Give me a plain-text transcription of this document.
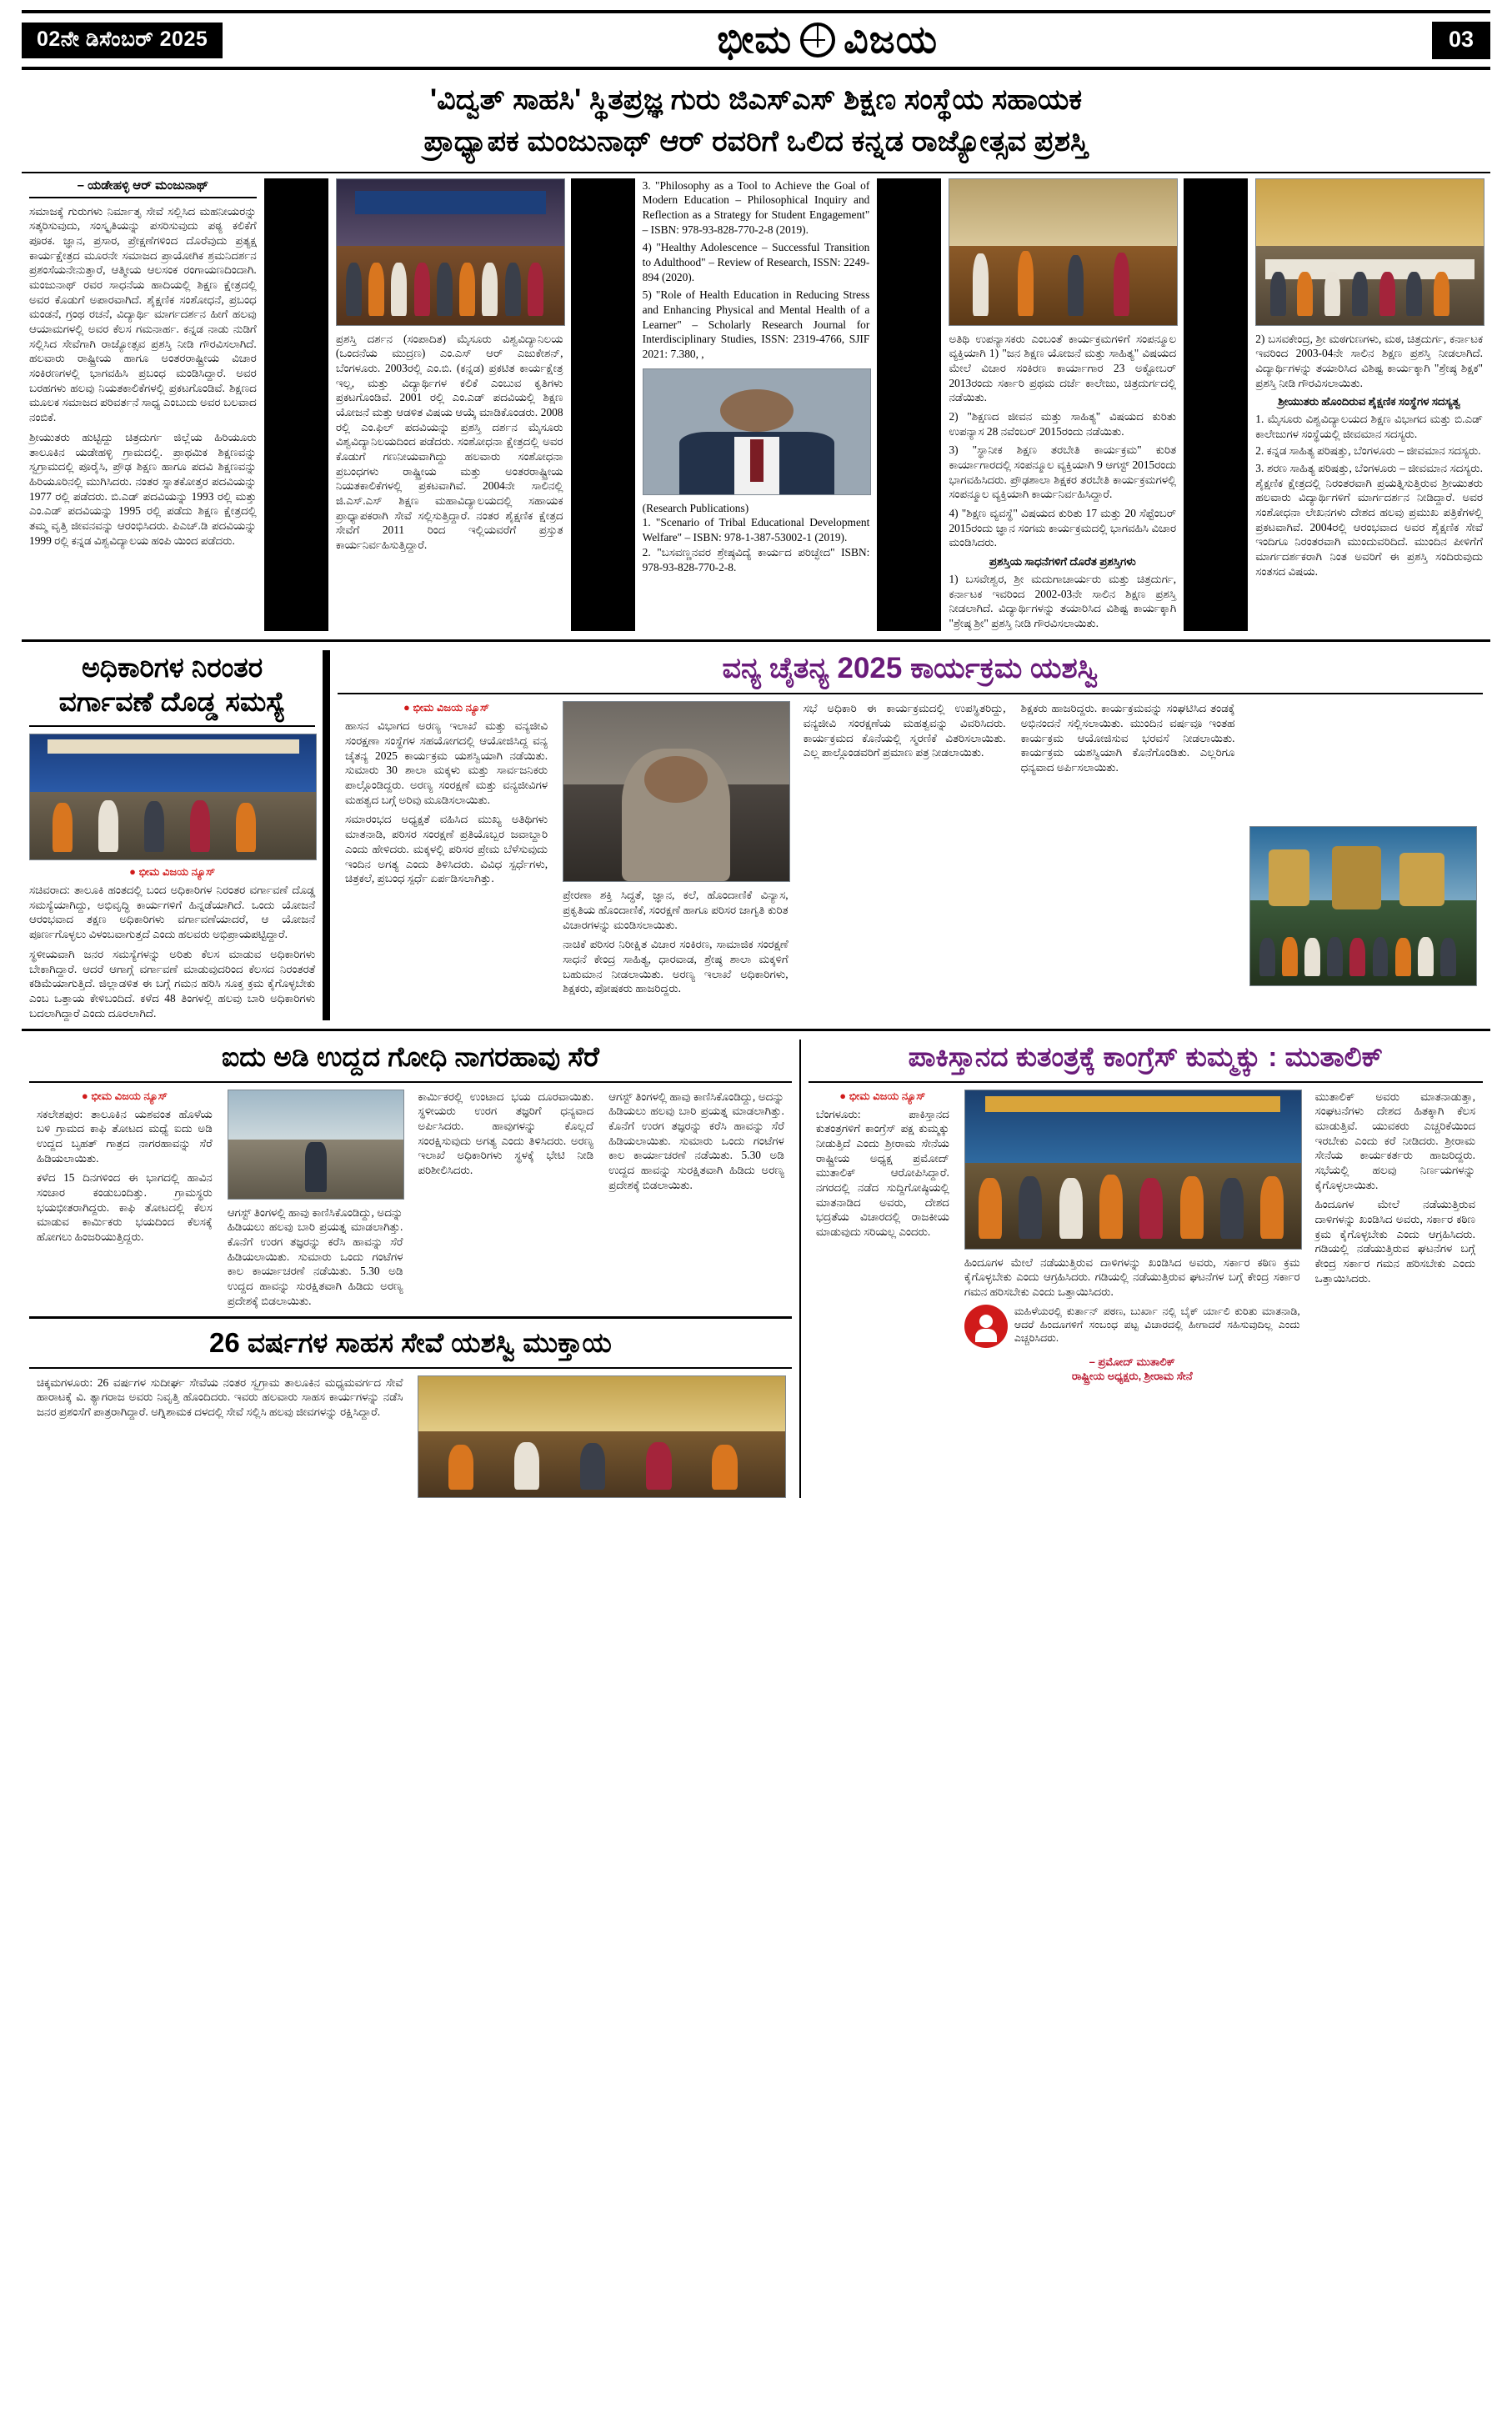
02ನೇ ಡಿಸೆಂಬರ್ 2025	ಭೀಮ ವಿಜಯ	03
'ವಿದ್ವತ್ ಸಾಹಸಿ' ಸ್ಥಿತಪ್ರಜ್ಞ ಗುರು ಜಿಎಸ್‌ಎಸ್ ಶಿಕ್ಷಣ ಸಂಸ್ಥೆಯ ಸಹಾಯಕ
ಪ್ರಾಧ್ಯಾಪಕ ಮಂಜುನಾಥ್ ಆರ್ ರವರಿಗೆ ಒಲಿದ ಕನ್ನಡ ರಾಜ್ಯೋತ್ಸವ ಪ್ರಶಸ್ತಿ
– ಯಡೇಹಳ್ಳಿ ಆರ್ ಮಂಜುನಾಥ್
ಸಮಾಜಕ್ಕೆ ಗುರುಗಳು ನಿರ್ಮಾತೃ ಸೇವೆ ಸಲ್ಲಿಸಿದ ಮಹನೀಯರನ್ನು ಸತ್ಕರಿಸುವುದು, ಸಂಸ್ಕೃತಿಯನ್ನು ಪಸರಿಸುವುದು ಪಠ್ಯ ಕಲಿಕೆಗೆ ಪೂರಕ. ಜ್ಞಾನ, ಪ್ರಸಾರ, ಪ್ರೇಕ್ಷಣೆಗಳಿಂದ ದೊರೆವುದು ಪ್ರತ್ಯಕ್ಷ ಕಾರ್ಯಕ್ಷೇತ್ರದ ಮೂರನೇ ಸಮಾಜದ ಪ್ರಾಯೋಗಿಕ ಶ್ರಮನಿದರ್ಶನ ಪ್ರಶಂಸೆಯನೇನುತ್ತಾರೆ, ಆತ್ಮೀಯ ಆಲಸಂಕ ರಂಗಾಯಣದಿಂದಾಗಿ. ಮಂಜುನಾಥ್ ರವರ ಸಾಧನೆಯ ಹಾದಿಯಲ್ಲಿ ಶಿಕ್ಷಣ ಕ್ಷೇತ್ರದಲ್ಲಿ ಅವರ ಕೊಡುಗೆ ಅಪಾರವಾಗಿದೆ. ಶೈಕ್ಷಣಿಕ ಸಂಶೋಧನೆ, ಪ್ರಬಂಧ ಮಂಡನೆ, ಗ್ರಂಥ ರಚನೆ, ವಿದ್ಯಾರ್ಥಿ ಮಾರ್ಗದರ್ಶನ ಹೀಗೆ ಹಲವು ಆಯಾಮಗಳಲ್ಲಿ ಅವರ ಕೆಲಸ ಗಮನಾರ್ಹ. ಕನ್ನಡ ನಾಡು ನುಡಿಗೆ ಸಲ್ಲಿಸಿದ ಸೇವೆಗಾಗಿ ರಾಜ್ಯೋತ್ಸವ ಪ್ರಶಸ್ತಿ ನೀಡಿ ಗೌರವಿಸಲಾಗಿದೆ. ಹಲವಾರು ರಾಷ್ಟ್ರೀಯ ಹಾಗೂ ಅಂತರರಾಷ್ಟ್ರೀಯ ವಿಚಾರ ಸಂಕಿರಣಗಳಲ್ಲಿ ಭಾಗವಹಿಸಿ ಪ್ರಬಂಧ ಮಂಡಿಸಿದ್ದಾರೆ. ಅವರ ಬರಹಗಳು ಹಲವು ನಿಯತಕಾಲಿಕೆಗಳಲ್ಲಿ ಪ್ರಕಟಗೊಂಡಿವೆ. ಶಿಕ್ಷಣದ ಮೂಲಕ ಸಮಾಜದ ಪರಿವರ್ತನೆ ಸಾಧ್ಯ ಎಂಬುದು ಅವರ ಬಲವಾದ ನಂಬಿಕೆ.
ಶ್ರೀಯುತರು ಹುಟ್ಟಿದ್ದು ಚಿತ್ರದುರ್ಗ ಜಿಲ್ಲೆಯ ಹಿರಿಯೂರು ತಾಲೂಕಿನ ಯಡೇಹಳ್ಳಿ ಗ್ರಾಮದಲ್ಲಿ. ಪ್ರಾಥಮಿಕ ಶಿಕ್ಷಣವನ್ನು ಸ್ವಗ್ರಾಮದಲ್ಲಿ ಪೂರೈಸಿ, ಪ್ರೌಢ ಶಿಕ್ಷಣ ಹಾಗೂ ಪದವಿ ಶಿಕ್ಷಣವನ್ನು ಹಿರಿಯೂರಿನಲ್ಲಿ ಮುಗಿಸಿದರು. ನಂತರ ಸ್ನಾತಕೋತ್ತರ ಪದವಿಯನ್ನು 1977 ರಲ್ಲಿ ಪಡೆದರು. ಬಿ.ಎಡ್ ಪದವಿಯನ್ನು 1993 ರಲ್ಲಿ ಮತ್ತು ಎಂ.ಎಡ್ ಪದವಿಯನ್ನು 1995 ರಲ್ಲಿ ಪಡೆದು ಶಿಕ್ಷಣ ಕ್ಷೇತ್ರದಲ್ಲಿ ತಮ್ಮ ವೃತ್ತಿ ಜೀವನವನ್ನು ಆರಂಭಿಸಿದರು. ಪಿಎಚ್.ಡಿ ಪದವಿಯನ್ನು 1999 ರಲ್ಲಿ ಕನ್ನಡ ವಿಶ್ವವಿದ್ಯಾಲಯ ಹಂಪಿ ಯಿಂದ ಪಡೆದರು.

ಪ್ರಶಸ್ತಿ ದರ್ಶನ (ಸಂಪಾದಿತ) ಮೈಸೂರು ವಿಶ್ವವಿದ್ಯಾನಿಲಯ (ಒಂದನೆಯ ಮುದ್ರಣ) ಎಂ.ಎಸ್ ಆರ್ ಎಜುಕೇಶನ್, ಬೆಂಗಳೂರು. 2003ರಲ್ಲಿ ಎಂ.ಬಿ. (ಕನ್ನಡ) ಪ್ರಕಟಿತ ಕಾರ್ಯಕ್ಷೇತ್ರ ಇಲ್ಲ, ಮತ್ತು ವಿದ್ಯಾರ್ಥಿಗಳ ಕಲಿಕೆ ಎಂಬುವ ಕೃತಿಗಳು ಪ್ರಕಟಗೊಂಡಿವೆ. 2001 ರಲ್ಲಿ ಎಂ.ಎಡ್ ಪದವಿಯಲ್ಲಿ ಶಿಕ್ಷಣ ಯೋಜನೆ ಮತ್ತು ಆಡಳಿತ ವಿಷಯ ಆಯ್ಕೆ ಮಾಡಿಕೊಂಡರು. 2008 ರಲ್ಲಿ ಎಂ.ಫಿಲ್ ಪದವಿಯನ್ನು ಪ್ರಶಸ್ತಿ ದರ್ಶನ ಮೈಸೂರು ವಿಶ್ವವಿದ್ಯಾನಿಲಯದಿಂದ ಪಡೆದರು. ಸಂಶೋಧನಾ ಕ್ಷೇತ್ರದಲ್ಲಿ ಅವರ ಕೊಡುಗೆ ಗಣನೀಯವಾಗಿದ್ದು ಹಲವಾರು ಸಂಶೋಧನಾ ಪ್ರಬಂಧಗಳು ರಾಷ್ಟ್ರೀಯ ಮತ್ತು ಅಂತರರಾಷ್ಟ್ರೀಯ ನಿಯತಕಾಲಿಕೆಗಳಲ್ಲಿ ಪ್ರಕಟವಾಗಿವೆ. 2004ನೇ ಸಾಲಿನಲ್ಲಿ ಜಿ.ಎಸ್.ಎಸ್ ಶಿಕ್ಷಣ ಮಹಾವಿದ್ಯಾಲಯದಲ್ಲಿ ಸಹಾಯಕ ಪ್ರಾಧ್ಯಾಪಕರಾಗಿ ಸೇವೆ ಸಲ್ಲಿಸುತ್ತಿದ್ದಾರೆ. ನಂತರ ಶೈಕ್ಷಣಿಕ ಕ್ಷೇತ್ರದ ಸೇವೆಗೆ 2011 ರಿಂದ ಇಲ್ಲಿಯವರೆಗೆ ಪ್ರಸ್ತುತ ಕಾರ್ಯನಿರ್ವಹಿಸುತ್ತಿದ್ದಾರೆ.

3. "Philosophy as a Tool to Achieve the Goal of Modern Education – Philosophical Inquiry and Reflection as a Strategy for Student Engagement" – ISBN: 978-93-828-770-2-8 (2019).
4) "Healthy Adolescence – Successful Transition to Adulthood" – Review of Research, ISSN: 2249-894 (2020).
5) "Role of Health Education in Reducing Stress and Enhancing Physical and Mental Health of a Learner" – Scholarly Research Journal for Interdisciplinary Studies, ISSN: 2319-4766, SJIF 2021: 7.380, ,
(Research Publications)
1. "Scenario of Tribal Educational Development Welfare" – ISBN: 978-1-387-53002-1 (2019).
2. "ಬಸವಣ್ಣನವರ ಶ್ರೇಷ್ಠವಿದ್ಯೆ ಕಾರ್ಯದ ಪರಿಚ್ಛೇದ" ISBN: 978-93-828-770-2-8.

ಅತಿಥಿ ಉಪನ್ಯಾಸಕರು ಎಂಬಂತೆ ಕಾರ್ಯಕ್ರಮಗಳಿಗೆ ಸಂಪನ್ಮೂಲ ವ್ಯಕ್ತಿಯಾಗಿ 1) "ಜನ ಶಿಕ್ಷಣ ಯೋಜನೆ ಮತ್ತು ಸಾಹಿತ್ಯ" ವಿಷಯದ ಮೇಲೆ ವಿಚಾರ ಸಂಕಿರಣ ಕಾರ್ಯಾಗಾರ 23 ಅಕ್ಟೋಬರ್ 2013ರಂದು ಸರ್ಕಾರಿ ಪ್ರಥಮ ದರ್ಜೆ ಕಾಲೇಜು, ಚಿತ್ರದುರ್ಗದಲ್ಲಿ ನಡೆಯಿತು.
2) "ಶಿಕ್ಷಣದ ಜೀವನ ಮತ್ತು ಸಾಹಿತ್ಯ" ವಿಷಯದ ಕುರಿತು ಉಪನ್ಯಾಸ 28 ನವೆಂಬರ್ 2015ರಂದು ನಡೆಯಿತು.
3) "ಸ್ಥಾನೀಕ ಶಿಕ್ಷಣ ತರಬೇತಿ ಕಾರ್ಯಕ್ರಮ" ಕುರಿತ ಕಾರ್ಯಾಗಾರದಲ್ಲಿ ಸಂಪನ್ಮೂಲ ವ್ಯಕ್ತಿಯಾಗಿ 9 ಆಗಸ್ಟ್ 2015ರಂದು ಭಾಗವಹಿಸಿದರು. ಪ್ರೌಢಶಾಲಾ ಶಿಕ್ಷಕರ ತರಬೇತಿ ಕಾರ್ಯಕ್ರಮಗಳಲ್ಲಿ ಸಂಪನ್ಮೂಲ ವ್ಯಕ್ತಿಯಾಗಿ ಕಾರ್ಯನಿರ್ವಹಿಸಿದ್ದಾರೆ.
4) "ಶಿಕ್ಷಣ ವ್ಯವಸ್ಥೆ" ವಿಷಯದ ಕುರಿತು 17 ಮತ್ತು 20 ಸೆಪ್ಟೆಂಬರ್ 2015ರಂದು ಜ್ಞಾನ ಸಂಗಮ ಕಾರ್ಯಕ್ರಮದಲ್ಲಿ ಭಾಗವಹಿಸಿ ವಿಚಾರ ಮಂಡಿಸಿದರು.
ಪ್ರಶಸ್ತಿಯ ಸಾಧನೆಗಳಿಗೆ ದೊರೆತ ಪ್ರಶಸ್ತಿಗಳು
1) ಬಸವೇಶ್ವರ, ಶ್ರೀ ಮದುಗಾಚಾರ್ಯರು ಮತ್ತು ಚಿತ್ರದುರ್ಗ, ಕರ್ನಾಟಕ ಇವರಿಂದ 2002-03ನೇ ಸಾಲಿನ ಶಿಕ್ಷಣ ಪ್ರಶಸ್ತಿ ನೀಡಲಾಗಿದೆ. ವಿದ್ಯಾರ್ಥಿಗಳನ್ನು ತಯಾರಿಸಿದ ವಿಶಿಷ್ಟ ಕಾರ್ಯಕ್ಕಾಗಿ "ಶ್ರೇಷ್ಠ ಶ್ರೀ" ಪ್ರಶಸ್ತಿ ನೀಡಿ ಗೌರವಿಸಲಾಯಿತು.

2) ಬಸವಕೇಂದ್ರ, ಶ್ರೀ ಮಠಗುಣಗಳು, ಮಠ, ಚಿತ್ರದುರ್ಗ, ಕರ್ನಾಟಕ ಇವರಿಂದ 2003-04ನೇ ಸಾಲಿನ ಶಿಕ್ಷಣ ಪ್ರಶಸ್ತಿ ನೀಡಲಾಗಿದೆ. ವಿದ್ಯಾರ್ಥಿಗಳನ್ನು ತಯಾರಿಸಿದ ವಿಶಿಷ್ಟ ಕಾರ್ಯಕ್ಕಾಗಿ "ಶ್ರೇಷ್ಠ ಶಿಕ್ಷಕ" ಪ್ರಶಸ್ತಿ ನೀಡಿ ಗೌರವಿಸಲಾಯಿತು.
ಶ್ರೀಯುತರು ಹೊಂದಿರುವ ಶೈಕ್ಷಣಿಕ ಸಂಸ್ಥೆಗಳ ಸದಸ್ಯತ್ವ
1. ಮೈಸೂರು ವಿಶ್ವವಿದ್ಯಾಲಯದ ಶಿಕ್ಷಣ ವಿಭಾಗದ ಮತ್ತು ಬಿ.ಎಡ್ ಕಾಲೇಜುಗಳ ಸಂಸ್ಥೆಯಲ್ಲಿ ಜೀವಮಾನ ಸದಸ್ಯರು.
2. ಕನ್ನಡ ಸಾಹಿತ್ಯ ಪರಿಷತ್ತು, ಬೆಂಗಳೂರು – ಜೀವಮಾನ ಸದಸ್ಯರು.
3. ಶರಣ ಸಾಹಿತ್ಯ ಪರಿಷತ್ತು, ಬೆಂಗಳೂರು – ಜೀವಮಾನ ಸದಸ್ಯರು. ಶೈಕ್ಷಣಿಕ ಕ್ಷೇತ್ರದಲ್ಲಿ ನಿರಂತರವಾಗಿ ಪ್ರಯತ್ನಿಸುತ್ತಿರುವ ಶ್ರೀಯುತರು ಹಲವಾರು ವಿದ್ಯಾರ್ಥಿಗಳಿಗೆ ಮಾರ್ಗದರ್ಶನ ನೀಡಿದ್ದಾರೆ. ಅವರ ಸಂಶೋಧನಾ ಲೇಖನಗಳು ದೇಶದ ಹಲವು ಪ್ರಮುಖ ಪತ್ರಿಕೆಗಳಲ್ಲಿ ಪ್ರಕಟವಾಗಿವೆ. 2004ರಲ್ಲಿ ಆರಂಭವಾದ ಅವರ ಶೈಕ್ಷಣಿಕ ಸೇವೆ ಇಂದಿಗೂ ನಿರಂತರವಾಗಿ ಮುಂದುವರಿದಿದೆ. ಮುಂದಿನ ಪೀಳಿಗೆಗೆ ಮಾರ್ಗದರ್ಶಕರಾಗಿ ನಿಂತ ಅವರಿಗೆ ಈ ಪ್ರಶಸ್ತಿ ಸಂದಿರುವುದು ಸಂತಸದ ವಿಷಯ.
ಅಧಿಕಾರಿಗಳ ನಿರಂತರ
ವರ್ಗಾವಣೆ ದೊಡ್ಡ ಸಮಸ್ಯೆ
● ಭೀಮ ವಿಜಯ ನ್ಯೂಸ್
ಸಚಿವರಾದ: ತಾಲೂಕಿ ಹಂತದಲ್ಲಿ ಬಂದ ಅಧಿಕಾರಿಗಳ ನಿರಂತರ ವರ್ಗಾವಣೆ ದೊಡ್ಡ ಸಮಸ್ಯೆಯಾಗಿದ್ದು, ಅಭಿವೃದ್ಧಿ ಕಾರ್ಯಗಳಿಗೆ ಹಿನ್ನಡೆಯಾಗಿದೆ. ಒಂದು ಯೋಜನೆ ಆರಂಭವಾದ ತಕ್ಷಣ ಅಧಿಕಾರಿಗಳು ವರ್ಗಾವಣೆಯಾದರೆ, ಆ ಯೋಜನೆ ಪೂರ್ಣಗೊಳ್ಳಲು ವಿಳಂಬವಾಗುತ್ತದೆ ಎಂದು ಹಲವರು ಅಭಿಪ್ರಾಯಪಟ್ಟಿದ್ದಾರೆ.
ಸ್ಥಳೀಯವಾಗಿ ಜನರ ಸಮಸ್ಯೆಗಳನ್ನು ಅರಿತು ಕೆಲಸ ಮಾಡುವ ಅಧಿಕಾರಿಗಳು ಬೇಕಾಗಿದ್ದಾರೆ. ಆದರೆ ಆಗಾಗ್ಗೆ ವರ್ಗಾವಣೆ ಮಾಡುವುದರಿಂದ ಕೆಲಸದ ನಿರಂತರತೆ ಕಡಿಮೆಯಾಗುತ್ತಿದೆ. ಜಿಲ್ಲಾಡಳಿತ ಈ ಬಗ್ಗೆ ಗಮನ ಹರಿಸಿ ಸೂಕ್ತ ಕ್ರಮ ಕೈಗೊಳ್ಳಬೇಕು ಎಂಬ ಒತ್ತಾಯ ಕೇಳಿಬಂದಿದೆ. ಕಳೆದ 48 ತಿಂಗಳಲ್ಲಿ ಹಲವು ಬಾರಿ ಅಧಿಕಾರಿಗಳು ಬದಲಾಗಿದ್ದಾರೆ ಎಂದು ದೂರಲಾಗಿದೆ.

ವನ್ಯ ಚೈತನ್ಯ 2025 ಕಾರ್ಯಕ್ರಮ ಯಶಸ್ವಿ
● ಭೀಮ ವಿಜಯ ನ್ಯೂಸ್
ಹಾಸನ ವಿಭಾಗದ ಅರಣ್ಯ ಇಲಾಖೆ ಮತ್ತು ವನ್ಯಜೀವಿ ಸಂರಕ್ಷಣಾ ಸಂಸ್ಥೆಗಳ ಸಹಯೋಗದಲ್ಲಿ ಆಯೋಜಿಸಿದ್ದ ವನ್ಯ ಚೈತನ್ಯ 2025 ಕಾರ್ಯಕ್ರಮ ಯಶಸ್ವಿಯಾಗಿ ನಡೆಯಿತು. ಸುಮಾರು 30 ಶಾಲಾ ಮಕ್ಕಳು ಮತ್ತು ಸಾರ್ವಜನಿಕರು ಪಾಲ್ಗೊಂಡಿದ್ದರು. ಅರಣ್ಯ ಸಂರಕ್ಷಣೆ ಮತ್ತು ವನ್ಯಜೀವಿಗಳ ಮಹತ್ವದ ಬಗ್ಗೆ ಅರಿವು ಮೂಡಿಸಲಾಯಿತು.
ಸಮಾರಂಭದ ಅಧ್ಯಕ್ಷತೆ ವಹಿಸಿದ ಮುಖ್ಯ ಅತಿಥಿಗಳು ಮಾತನಾಡಿ, ಪರಿಸರ ಸಂರಕ್ಷಣೆ ಪ್ರತಿಯೊಬ್ಬರ ಜವಾಬ್ದಾರಿ ಎಂದು ಹೇಳಿದರು. ಮಕ್ಕಳಲ್ಲಿ ಪರಿಸರ ಪ್ರೇಮ ಬೆಳೆಸುವುದು ಇಂದಿನ ಅಗತ್ಯ ಎಂದು ತಿಳಿಸಿದರು. ವಿವಿಧ ಸ್ಪರ್ಧೆಗಳು, ಚಿತ್ರಕಲೆ, ಪ್ರಬಂಧ ಸ್ಪರ್ಧೆ ಏರ್ಪಡಿಸಲಾಗಿತ್ತು.

ಪ್ರೇರಣಾ ಶಕ್ತಿ ಸಿದ್ಧತೆ, ಜ್ಞಾನ, ಕಲೆ, ಹೊಂದಾಣಿಕೆ ವಿನ್ಯಾಸ, ಪ್ರಕೃತಿಯ ಹೊಂದಾಣಿಕೆ, ಸಂರಕ್ಷಣೆ ಹಾಗೂ ಪರಿಸರ ಜಾಗೃತಿ ಕುರಿತ ವಿಚಾರಗಳನ್ನು ಮಂಡಿಸಲಾಯಿತು.
ನಾಚಿಕೆ ಪರಿಸರ ನಿರೀಕ್ಷಿತ ವಿಚಾರ ಸಂಕಿರಣ, ಸಾಮಾಜಿಕ ಸಂರಕ್ಷಣೆ ಸಾಧನೆ ಕೇಂದ್ರ ಸಾಹಿತ್ಯ, ಧಾರವಾಡ, ಶ್ರೇಷ್ಠ ಶಾಲಾ ಮಕ್ಕಳಿಗೆ ಬಹುಮಾನ ನೀಡಲಾಯಿತು. ಅರಣ್ಯ ಇಲಾಖೆ ಅಧಿಕಾರಿಗಳು, ಶಿಕ್ಷಕರು, ಪೋಷಕರು ಹಾಜರಿದ್ದರು.

ಸಭೆ ಅಧಿಕಾರಿ ಈ ಕಾರ್ಯಕ್ರಮದಲ್ಲಿ ಉಪಸ್ಥಿತರಿದ್ದು, ವನ್ಯಜೀವಿ ಸಂರಕ್ಷಣೆಯ ಮಹತ್ವವನ್ನು ವಿವರಿಸಿದರು. ಕಾರ್ಯಕ್ರಮದ ಕೊನೆಯಲ್ಲಿ ಸ್ಮರಣಿಕೆ ವಿತರಿಸಲಾಯಿತು. ಎಲ್ಲ ಪಾಲ್ಗೊಂಡವರಿಗೆ ಪ್ರಮಾಣ ಪತ್ರ ನೀಡಲಾಯಿತು.

ಶಿಕ್ಷಕರು ಹಾಜರಿದ್ದರು. ಕಾರ್ಯಕ್ರಮವನ್ನು ಸಂಘಟಿಸಿದ ತಂಡಕ್ಕೆ ಅಭಿನಂದನೆ ಸಲ್ಲಿಸಲಾಯಿತು. ಮುಂದಿನ ವರ್ಷವೂ ಇಂತಹ ಕಾರ್ಯಕ್ರಮ ಆಯೋಜಿಸುವ ಭರವಸೆ ನೀಡಲಾಯಿತು. ಕಾರ್ಯಕ್ರಮ ಯಶಸ್ವಿಯಾಗಿ ಕೊನೆಗೊಂಡಿತು. ಎಲ್ಲರಿಗೂ ಧನ್ಯವಾದ ಅರ್ಪಿಸಲಾಯಿತು.

ಐದು ಅಡಿ ಉದ್ದದ ಗೋಧಿ ನಾಗರಹಾವು ಸೆರೆ
● ಭೀಮ ವಿಜಯ ನ್ಯೂಸ್
ಸಕಲೇಶಪುರ: ತಾಲೂಕಿನ ಯಶವಂತ ಹೊಳೆಯ ಬಳಿ ಗ್ರಾಮದ ಕಾಫಿ ತೋಟದ ಮಧ್ಯೆ ಐದು ಅಡಿ ಉದ್ದದ ಬೃಹತ್ ಗಾತ್ರದ ನಾಗರಹಾವನ್ನು ಸೆರೆ ಹಿಡಿಯಲಾಯಿತು.
ಕಳೆದ 15 ದಿನಗಳಿಂದ ಈ ಭಾಗದಲ್ಲಿ ಹಾವಿನ ಸಂಚಾರ ಕಂಡುಬಂದಿತ್ತು. ಗ್ರಾಮಸ್ಥರು ಭಯಭೀತರಾಗಿದ್ದರು. ಕಾಫಿ ತೋಟದಲ್ಲಿ ಕೆಲಸ ಮಾಡುವ ಕಾರ್ಮಿಕರು ಭಯದಿಂದ ಕೆಲಸಕ್ಕೆ ಹೋಗಲು ಹಿಂಜರಿಯುತ್ತಿದ್ದರು.

ಆಗಸ್ಟ್ ತಿಂಗಳಲ್ಲಿ ಹಾವು ಕಾಣಿಸಿಕೊಂಡಿದ್ದು, ಅದನ್ನು ಹಿಡಿಯಲು ಹಲವು ಬಾರಿ ಪ್ರಯತ್ನ ಮಾಡಲಾಗಿತ್ತು. ಕೊನೆಗೆ ಉರಗ ತಜ್ಞರನ್ನು ಕರೆಸಿ ಹಾವನ್ನು ಸೆರೆ ಹಿಡಿಯಲಾಯಿತು. ಸುಮಾರು ಒಂದು ಗಂಟೆಗಳ ಕಾಲ ಕಾರ್ಯಾಚರಣೆ ನಡೆಯಿತು. 5.30 ಅಡಿ ಉದ್ದದ ಹಾವನ್ನು ಸುರಕ್ಷಿತವಾಗಿ ಹಿಡಿದು ಅರಣ್ಯ ಪ್ರದೇಶಕ್ಕೆ ಬಿಡಲಾಯಿತು.

ಕಾರ್ಮಿಕರಲ್ಲಿ ಉಂಟಾದ ಭಯ ದೂರವಾಯಿತು. ಸ್ಥಳೀಯರು ಉರಗ ತಜ್ಞರಿಗೆ ಧನ್ಯವಾದ ಅರ್ಪಿಸಿದರು. ಹಾವುಗಳನ್ನು ಕೊಲ್ಲದೆ ಸಂರಕ್ಷಿಸುವುದು ಅಗತ್ಯ ಎಂದು ತಿಳಿಸಿದರು. ಅರಣ್ಯ ಇಲಾಖೆ ಅಧಿಕಾರಿಗಳು ಸ್ಥಳಕ್ಕೆ ಭೇಟಿ ನೀಡಿ ಪರಿಶೀಲಿಸಿದರು.

ಆಗಸ್ಟ್ ತಿಂಗಳಲ್ಲಿ ಹಾವು ಕಾಣಿಸಿಕೊಂಡಿದ್ದು, ಅದನ್ನು ಹಿಡಿಯಲು ಹಲವು ಬಾರಿ ಪ್ರಯತ್ನ ಮಾಡಲಾಗಿತ್ತು. ಕೊನೆಗೆ ಉರಗ ತಜ್ಞರನ್ನು ಕರೆಸಿ ಹಾವನ್ನು ಸೆರೆ ಹಿಡಿಯಲಾಯಿತು. ಸುಮಾರು ಒಂದು ಗಂಟೆಗಳ ಕಾಲ ಕಾರ್ಯಾಚರಣೆ ನಡೆಯಿತು. 5.30 ಅಡಿ ಉದ್ದದ ಹಾವನ್ನು ಸುರಕ್ಷಿತವಾಗಿ ಹಿಡಿದು ಅರಣ್ಯ ಪ್ರದೇಶಕ್ಕೆ ಬಿಡಲಾಯಿತು.
26 ವರ್ಷಗಳ ಸಾಹಸ ಸೇವೆ ಯಶಸ್ವಿ ಮುಕ್ತಾಯ
ಚಿಕ್ಕಮಗಳೂರು: 26 ವರ್ಷಗಳ ಸುದೀರ್ಘ ಸೇವೆಯ ನಂತರ ಸ್ವಗ್ರಾಮ ತಾಲೂಕಿನ ಮಧ್ಯಮವರ್ಗದ ಸೇವೆ ಹಾರಾಟಕ್ಕೆ ವಿ. ತ್ಯಾಗರಾಜ ಅವರು ನಿವೃತ್ತಿ ಹೊಂದಿದರು. ಇವರು ಹಲವಾರು ಸಾಹಸ ಕಾರ್ಯಗಳನ್ನು ನಡೆಸಿ ಜನರ ಪ್ರಶಂಸೆಗೆ ಪಾತ್ರರಾಗಿದ್ದಾರೆ. ಅಗ್ನಿಶಾಮಕ ದಳದಲ್ಲಿ ಸೇವೆ ಸಲ್ಲಿಸಿ ಹಲವು ಜೀವಗಳನ್ನು ರಕ್ಷಿಸಿದ್ದಾರೆ.

ಪಾಕಿಸ್ತಾನದ ಕುತಂತ್ರಕ್ಕೆ ಕಾಂಗ್ರೆಸ್ ಕುಮ್ಮಕ್ಕು : ಮುತಾಲಿಕ್
● ಭೀಮ ವಿಜಯ ನ್ಯೂಸ್
ಬೆಂಗಳೂರು: ಪಾಕಿಸ್ತಾನದ ಕುತಂತ್ರಗಳಿಗೆ ಕಾಂಗ್ರೆಸ್ ಪಕ್ಷ ಕುಮ್ಮಕ್ಕು ನೀಡುತ್ತಿದೆ ಎಂದು ಶ್ರೀರಾಮ ಸೇನೆಯ ರಾಷ್ಟ್ರೀಯ ಅಧ್ಯಕ್ಷ ಪ್ರಮೋದ್ ಮುತಾಲಿಕ್ ಆರೋಪಿಸಿದ್ದಾರೆ. ನಗರದಲ್ಲಿ ನಡೆದ ಸುದ್ದಿಗೋಷ್ಠಿಯಲ್ಲಿ ಮಾತನಾಡಿದ ಅವರು, ದೇಶದ ಭದ್ರತೆಯ ವಿಚಾರದಲ್ಲಿ ರಾಜಕೀಯ ಮಾಡುವುದು ಸರಿಯಲ್ಲ ಎಂದರು.

ಹಿಂದೂಗಳ ಮೇಲೆ ನಡೆಯುತ್ತಿರುವ ದಾಳಿಗಳನ್ನು ಖಂಡಿಸಿದ ಅವರು, ಸರ್ಕಾರ ಕಠಿಣ ಕ್ರಮ ಕೈಗೊಳ್ಳಬೇಕು ಎಂದು ಆಗ್ರಹಿಸಿದರು. ಗಡಿಯಲ್ಲಿ ನಡೆಯುತ್ತಿರುವ ಘಟನೆಗಳ ಬಗ್ಗೆ ಕೇಂದ್ರ ಸರ್ಕಾರ ಗಮನ ಹರಿಸಬೇಕು ಎಂದು ಒತ್ತಾಯಿಸಿದರು.
ಮಹಿಳೆಯರಲ್ಲಿ ಕುರ್ತಾನ್ ಪಠಣ, ಬುರ್ಖಾ ನಲ್ಲಿ ಬೈಕ್ ರ್ಯಾಲಿ ಕುರಿತು ಮಾತನಾಡಿ, ಆದರೆ ಹಿಂದೂಗಳಿಗೆ ಸಂಬಂಧ ಪಟ್ಟ ವಿಚಾರದಲ್ಲಿ ಹೀಗಾದರೆ ಸಹಿಸುವುದಿಲ್ಲ ಎಂದು ಎಚ್ಚರಿಸಿದರು.
– ಪ್ರಮೋದ್ ಮುತಾಲಿಕ್
ರಾಷ್ಟ್ರೀಯ ಅಧ್ಯಕ್ಷರು, ಶ್ರೀರಾಮ ಸೇನೆ

ಮುತಾಲಿಕ್ ಅವರು ಮಾತನಾಡುತ್ತಾ, ಸಂಘಟನೆಗಳು ದೇಶದ ಹಿತಕ್ಕಾಗಿ ಕೆಲಸ ಮಾಡುತ್ತಿವೆ. ಯುವಕರು ಎಚ್ಚರಿಕೆಯಿಂದ ಇರಬೇಕು ಎಂದು ಕರೆ ನೀಡಿದರು. ಶ್ರೀರಾಮ ಸೇನೆಯ ಕಾರ್ಯಕರ್ತರು ಹಾಜರಿದ್ದರು. ಸಭೆಯಲ್ಲಿ ಹಲವು ನಿರ್ಣಯಗಳನ್ನು ಕೈಗೊಳ್ಳಲಾಯಿತು.
ಹಿಂದೂಗಳ ಮೇಲೆ ನಡೆಯುತ್ತಿರುವ ದಾಳಿಗಳನ್ನು ಖಂಡಿಸಿದ ಅವರು, ಸರ್ಕಾರ ಕಠಿಣ ಕ್ರಮ ಕೈಗೊಳ್ಳಬೇಕು ಎಂದು ಆಗ್ರಹಿಸಿದರು. ಗಡಿಯಲ್ಲಿ ನಡೆಯುತ್ತಿರುವ ಘಟನೆಗಳ ಬಗ್ಗೆ ಕೇಂದ್ರ ಸರ್ಕಾರ ಗಮನ ಹರಿಸಬೇಕು ಎಂದು ಒತ್ತಾಯಿಸಿದರು.
